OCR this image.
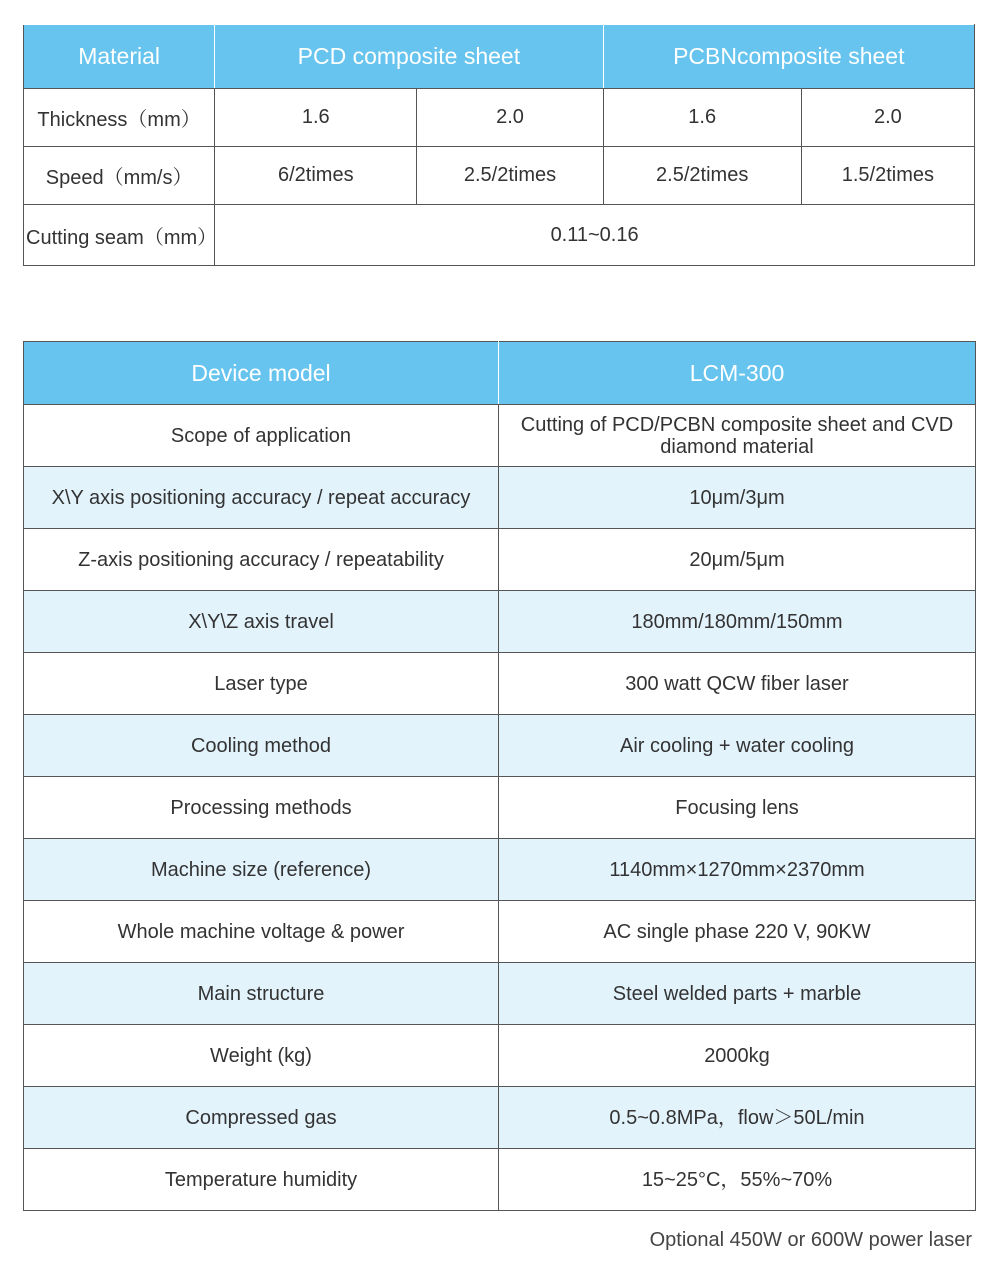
Material	PCD composite sheet		PCBNcomposite sheet	
Thickness（mm）	1.6	2.0	1.6	2.0
Speed（mm/s）	6/2times	2.5/2times	2.5/2times	1.5/2times
Cutting seam（mm）	0.11~0.16			
Device model	LCM-300
Scope of application	Cutting of PCD/PCBN composite sheet and CVD diamond material
X\Y axis positioning accuracy / repeat accuracy	10μm/3μm
Z-axis positioning accuracy / repeatability	20μm/5μm
X\Y\Z axis travel	180mm/180mm/150mm
Laser type	300 watt QCW fiber laser
Cooling method	Air cooling + water cooling
Processing methods	Focusing lens
Machine size (reference)	1140mm×1270mm×2370mm
Whole machine voltage & power	AC single phase 220 V, 90KW
Main structure	Steel welded parts + marble
Weight (kg)	2000kg
Compressed gas	0.5~0.8MPa，flow＞50L/min
Temperature humidity	15~25°C，55%~70%
Optional 450W or 600W power laser
